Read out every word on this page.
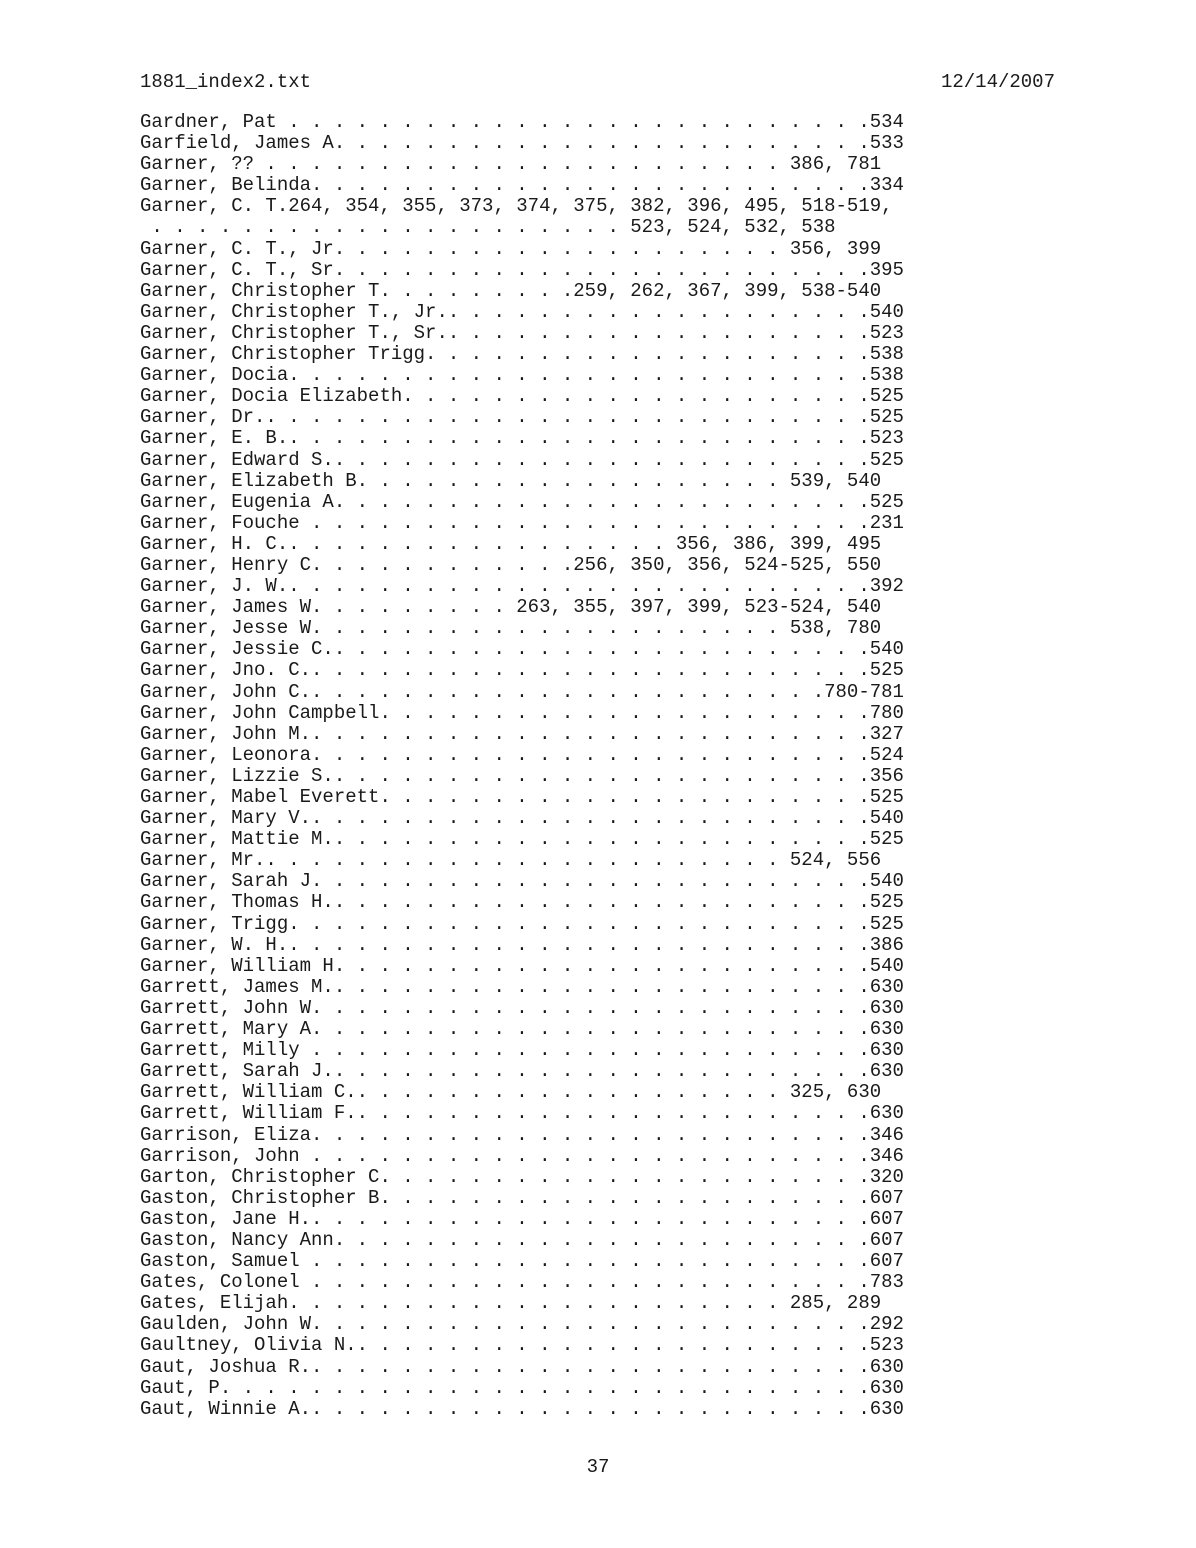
1881_index2.txt	12/14/2007
Gardner, Pat . . . . . . . . . . . . . . . . . . . . . . . . . .534
Garfield, James A. . . . . . . . . . . . . . . . . . . . . . . .533
Garner, ?? . . . . . . . . . . . . . . . . . . . . . . . 386, 781
Garner, Belinda. . . . . . . . . . . . . . . . . . . . . . . . .334
Garner, C. T.264, 354, 355, 373, 374, 375, 382, 396, 495, 518-519,
. . . . . . . . . . . . . . . . . . . . . 523, 524, 532, 538
Garner, C. T., Jr. . . . . . . . . . . . . . . . . . . . 356, 399
Garner, C. T., Sr. . . . . . . . . . . . . . . . . . . . . . . .395
Garner, Christopher T. . . . . . . . .259, 262, 367, 399, 538-540
Garner, Christopher T., Jr.. . . . . . . . . . . . . . . . . . .540
Garner, Christopher T., Sr.. . . . . . . . . . . . . . . . . . .523
Garner, Christopher Trigg. . . . . . . . . . . . . . . . . . . .538
Garner, Docia. . . . . . . . . . . . . . . . . . . . . . . . . .538
Garner, Docia Elizabeth. . . . . . . . . . . . . . . . . . . . .525
Garner, Dr.. . . . . . . . . . . . . . . . . . . . . . . . . . .525
Garner, E. B.. . . . . . . . . . . . . . . . . . . . . . . . . .523
Garner, Edward S.. . . . . . . . . . . . . . . . . . . . . . . .525
Garner, Elizabeth B. . . . . . . . . . . . . . . . . . . 539, 540
Garner, Eugenia A. . . . . . . . . . . . . . . . . . . . . . . .525
Garner, Fouche . . . . . . . . . . . . . . . . . . . . . . . . .231
Garner, H. C.. . . . . . . . . . . . . . . . . 356, 386, 399, 495
Garner, Henry C. . . . . . . . . . . .256, 350, 356, 524-525, 550
Garner, J. W.. . . . . . . . . . . . . . . . . . . . . . . . . .392
Garner, James W. . . . . . . . . 263, 355, 397, 399, 523-524, 540
Garner, Jesse W. . . . . . . . . . . . . . . . . . . . . 538, 780
Garner, Jessie C.. . . . . . . . . . . . . . . . . . . . . . . .540
Garner, Jno. C.. . . . . . . . . . . . . . . . . . . . . . . . .525
Garner, John C.. . . . . . . . . . . . . . . . . . . . . . .780-781
Garner, John Campbell. . . . . . . . . . . . . . . . . . . . . .780
Garner, John M.. . . . . . . . . . . . . . . . . . . . . . . . .327
Garner, Leonora. . . . . . . . . . . . . . . . . . . . . . . . .524
Garner, Lizzie S.. . . . . . . . . . . . . . . . . . . . . . . .356
Garner, Mabel Everett. . . . . . . . . . . . . . . . . . . . . .525
Garner, Mary V.. . . . . . . . . . . . . . . . . . . . . . . . .540
Garner, Mattie M.. . . . . . . . . . . . . . . . . . . . . . . .525
Garner, Mr.. . . . . . . . . . . . . . . . . . . . . . . 524, 556
Garner, Sarah J. . . . . . . . . . . . . . . . . . . . . . . . .540
Garner, Thomas H.. . . . . . . . . . . . . . . . . . . . . . . .525
Garner, Trigg. . . . . . . . . . . . . . . . . . . . . . . . . .525
Garner, W. H.. . . . . . . . . . . . . . . . . . . . . . . . . .386
Garner, William H. . . . . . . . . . . . . . . . . . . . . . . .540
Garrett, James M.. . . . . . . . . . . . . . . . . . . . . . . .630
Garrett, John W. . . . . . . . . . . . . . . . . . . . . . . . .630
Garrett, Mary A. . . . . . . . . . . . . . . . . . . . . . . . .630
Garrett, Milly . . . . . . . . . . . . . . . . . . . . . . . . .630
Garrett, Sarah J.. . . . . . . . . . . . . . . . . . . . . . . .630
Garrett, William C.. . . . . . . . . . . . . . . . . . . 325, 630
Garrett, William F.. . . . . . . . . . . . . . . . . . . . . . .630
Garrison, Eliza. . . . . . . . . . . . . . . . . . . . . . . . .346
Garrison, John . . . . . . . . . . . . . . . . . . . . . . . . .346
Garton, Christopher C. . . . . . . . . . . . . . . . . . . . . .320
Gaston, Christopher B. . . . . . . . . . . . . . . . . . . . . .607
Gaston, Jane H.. . . . . . . . . . . . . . . . . . . . . . . . .607
Gaston, Nancy Ann. . . . . . . . . . . . . . . . . . . . . . . .607
Gaston, Samuel . . . . . . . . . . . . . . . . . . . . . . . . .607
Gates, Colonel . . . . . . . . . . . . . . . . . . . . . . . . .783
Gates, Elijah. . . . . . . . . . . . . . . . . . . . . . 285, 289
Gaulden, John W. . . . . . . . . . . . . . . . . . . . . . . . .292
Gaultney, Olivia N.. . . . . . . . . . . . . . . . . . . . . . .523
Gaut, Joshua R.. . . . . . . . . . . . . . . . . . . . . . . . .630
Gaut, P. . . . . . . . . . . . . . . . . . . . . . . . . . . . .630
Gaut, Winnie A.. . . . . . . . . . . . . . . . . . . . . . . . .630
37
